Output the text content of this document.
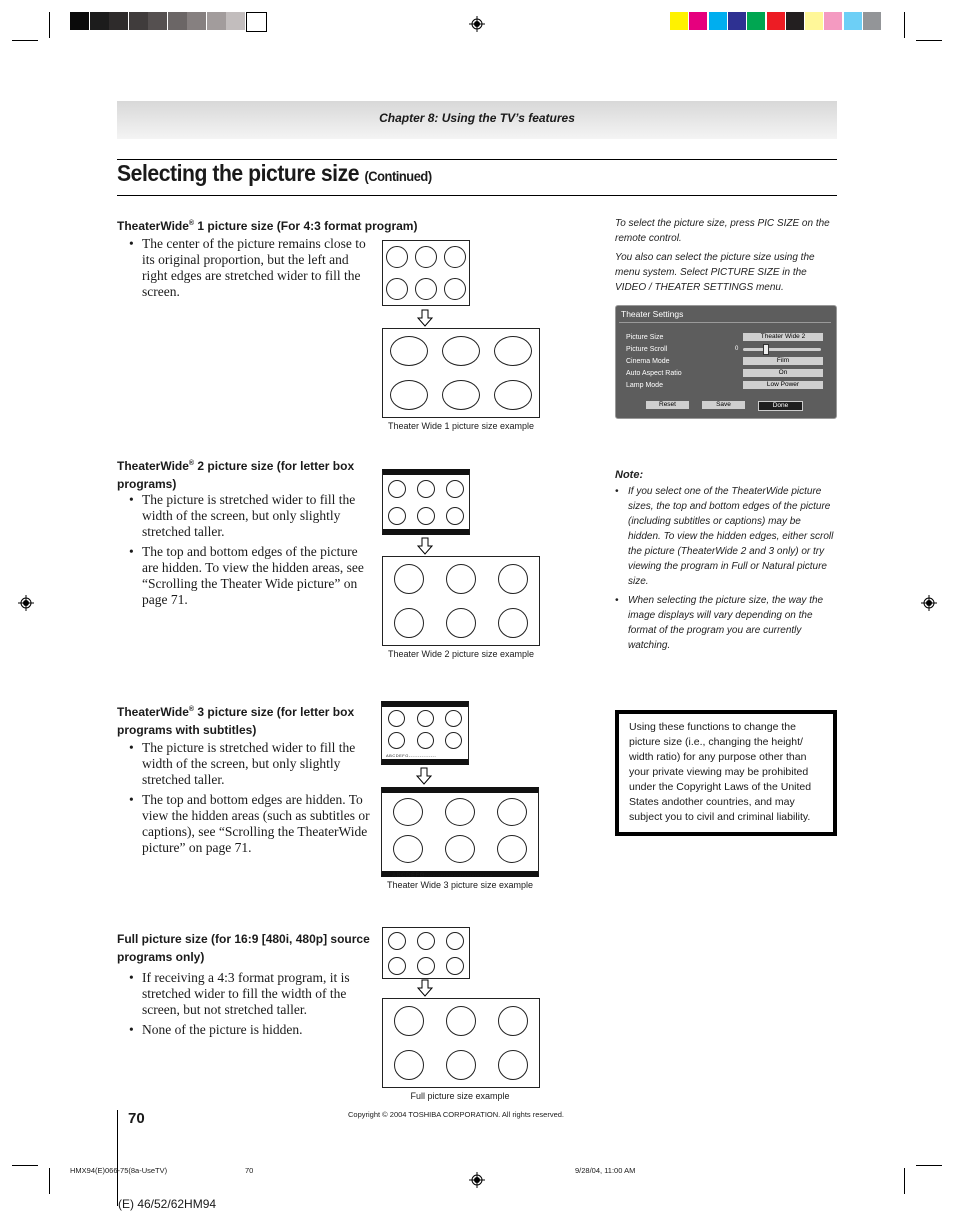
Chapter 8: Using the TV’s features
Selecting the picture size (Continued)
TheaterWide® 1 picture size (For 4:3 format program)
• The center of the picture remains close to its original proportion, but the left and right edges are stretched wider to fill the screen.
Theater Wide 1 picture size example
TheaterWide® 2 picture size (for letter box programs)
• The picture is stretched wider to fill the width of the screen, but only slightly stretched taller.
• The top and bottom edges of the picture are hidden. To view the hidden areas, see “Scrolling the Theater Wide picture” on page 71.
Theater Wide 2 picture size example
TheaterWide® 3 picture size (for letter box programs with subtitles)
• The picture is stretched wider to fill the width of the screen, but only slightly stretched taller.
• The top and bottom edges are hidden. To view the hidden areas (such as subtitles or captions), see “Scrolling the TheaterWide picture” on page 71.
ABCDEFG---------------
ABCDEFG--------------------------
Theater Wide 3 picture size example
Full picture size (for 16:9 [480i, 480p] source programs only)
• If receiving a 4:3 format program, it is stretched wider to fill the width of the screen, but not stretched taller.
• None of the picture is hidden.
Full picture size example
To select the picture size, press PIC SIZE on the remote control.
You also can select the picture size using the menu system. Select PICTURE SIZE in the VIDEO / THEATER SETTINGS menu.
Theater Settings
Picture Size	Theater Wide 2
Picture Scroll	0
Cinema Mode	Film
Auto Aspect Ratio	On
Lamp Mode	Low Power
Reset	Save	Done
Note:
• If you select one of the TheaterWide picture sizes, the top and bottom edges of the picture (including subtitles or captions) may be hidden. To view the hidden edges, either scroll the picture (TheaterWide 2 and 3 only) or try viewing the program in Full or Natural picture size.
• When selecting the picture size, the way the image displays will vary depending on the format of the program you are currently watching.
Using these functions to change the picture size (i.e., changing the height/ width ratio) for any purpose other than your private viewing may be prohibited under the Copyright Laws of the United States andother countries, and may subject you to civil and criminal liability.
70	Copyright © 2004 TOSHIBA CORPORATION. All rights reserved.
HMX94(E)066-75(8a-UseTV)	70	9/28/04, 11:00 AM
(E) 46/52/62HM94
